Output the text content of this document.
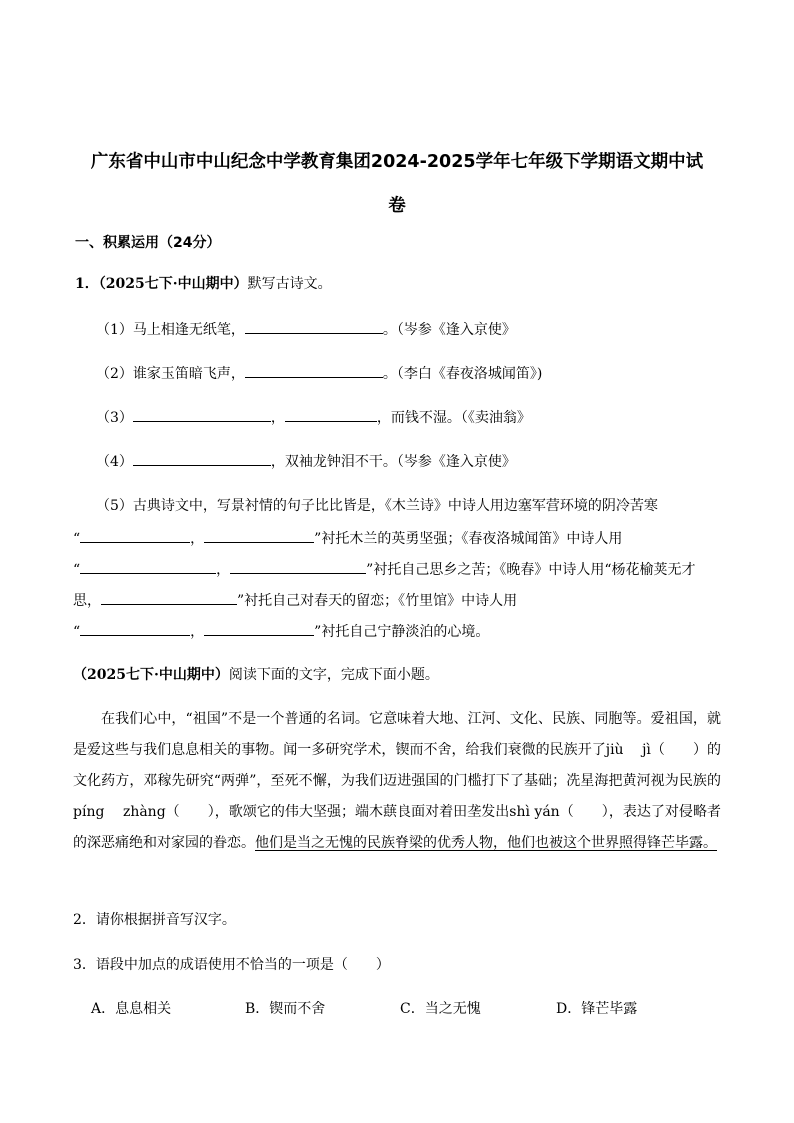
广东省中山市中山纪念中学教育集团2024-2025学年七年级下学期语文期中试
卷
一、积累运用（24分）
1．（2025七下·中山期中）默写古诗文。
（1）马上相逢无纸笔，	。（岑参《逢入京使》
（2）谁家玉笛暗飞声，	。（李白《春夜洛城闻笛》)
（3）	，	，而钱不湿。（《卖油翁》
（4）	，双袖龙钟泪不干。（岑参《逢入京使》
（5）古典诗文中，写景衬情的句子比比皆是，《木兰诗》中诗人用边塞军营环境的阴冷苦寒
“	，	”衬托木兰的英勇坚强；《春夜洛城闻笛》中诗人用
“	，	”衬托自己思乡之苦；《晚春》中诗人用“杨花榆荚无才
思，	”衬托自己对春天的留恋；《竹里馆》中诗人用
“	，	”衬托自己宁静淡泊的心境。
（2025七下·中山期中）阅读下面的文字，完成下面小题。
在我们心中，“祖国”不是一个普通的名词。它意味着大地、江河、文化、民族、同胞等。爱祖国，就是爱这些与我们息息相关的事物。闻一多研究学术，锲而不舍，给我们衰微的民族开了jiù　 jì（　　）的文化药方，邓稼先研究“两弹”，至死不懈，为我们迈进强国的门槛打下了基础；冼星海把黄河视为民族的píng　 zhàng（　　），歌颂它的伟大坚强；端木蕻良面对着田垄发出shì yán（　　），表达了对侵略者的深恶痛绝和对家园的眷恋。他们是当之无愧的民族脊梁的优秀人物，他们也被这个世界照得锋芒毕露。
2．请你根据拼音写汉字。
3．语段中加点的成语使用不恰当的一项是（　　）
A．息息相关	B．锲而不舍	C．当之无愧	D．锋芒毕露
